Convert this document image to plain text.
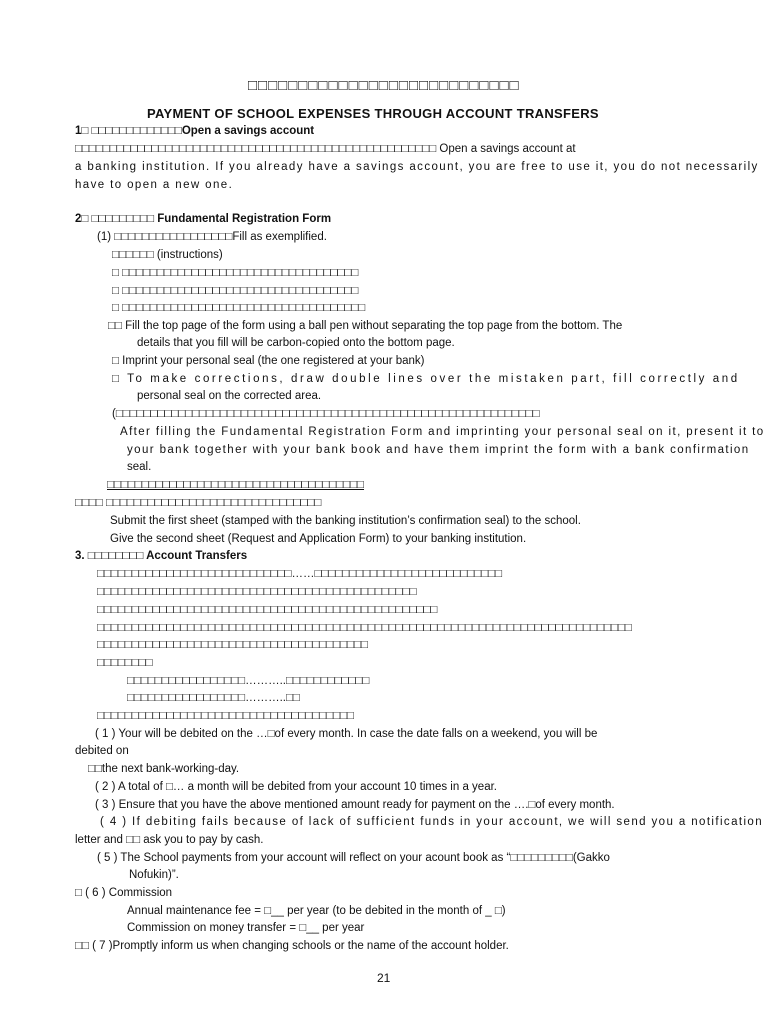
□□□□□□□□□□□□□□□□□□□□□□□□□□□
PAYMENT OF SCHOOL EXPENSES THROUGH ACCOUNT TRANSFERS
1□ □□□□□□□□□□□□□Open a savings account
□□□□□□□□□□□□□□□□□□□□□□□□□□□□□□□□□□□□□□□□□□□□□□□□□□□□ Open a savings account at
a banking institution. If you already have a savings account, you are free to use it, you do not necessarily
have to open a new one.
2□ □□□□□□□□□ Fundamental Registration Form
(1) □□□□□□□□□□□□□□□□□Fill as exemplified.
□□□□□□ (instructions)
□ □□□□□□□□□□□□□□□□□□□□□□□□□□□□□□□□□□
□ □□□□□□□□□□□□□□□□□□□□□□□□□□□□□□□□□□
□ □□□□□□□□□□□□□□□□□□□□□□□□□□□□□□□□□□□
□□ Fill the top page of the form using a ball pen without separating the top page from the bottom. The
details that you fill will be carbon-copied onto the bottom page.
□ Imprint your personal seal (the one registered at your bank)
□ To make corrections, draw double lines over the mistaken part, fill correctly and
personal seal on the corrected area.
(□□□□□□□□□□□□□□□□□□□□□□□□□□□□□□□□□□□□□□□□□□□□□□□□□□□□□□□□□□□□□
After filling the Fundamental Registration Form and imprinting your personal seal on it, present it to
your bank together with your bank book and have them imprint the form with a bank confirmation
seal.
□□□□□□□□□□□□□□□□□□□□□□□□□□□□□□□□□□□□□
□□□□ □□□□□□□□□□□□□□□□□□□□□□□□□□□□□□□
Submit the first sheet (stamped with the banking institution’s confirmation seal) to the school.
Give the second sheet (Request and Application Form) to your banking institution.
3. □□□□□□□□ Account Transfers
□□□□□□□□□□□□□□□□□□□□□□□□□□□□……□□□□□□□□□□□□□□□□□□□□□□□□□□□
□□□□□□□□□□□□□□□□□□□□□□□□□□□□□□□□□□□□□□□□□□□□□□
□□□□□□□□□□□□□□□□□□□□□□□□□□□□□□□□□□□□□□□□□□□□□□□□□
□□□□□□□□□□□□□□□□□□□□□□□□□□□□□□□□□□□□□□□□□□□□□□□□□□□□□□□□□□□□□□□□□□□□□□□□□□□□□
□□□□□□□□□□□□□□□□□□□□□□□□□□□□□□□□□□□□□□□
□□□□□□□□
□□□□□□□□□□□□□□□□□………..□□□□□□□□□□□□
□□□□□□□□□□□□□□□□□………..□□
□□□□□□□□□□□□□□□□□□□□□□□□□□□□□□□□□□□□□
( 1 ) Your will be debited on the …□of every month. In case the date falls on a weekend, you will be
debited on
□□the next bank-working-day.
( 2 ) A total of □… a month will be debited from your account 10 times in a year.
( 3 ) Ensure that you have the above mentioned amount ready for payment on the ….□of every month.
( 4 ) If debiting fails because of lack of sufficient funds in your account, we will send you a notification
letter and □□ ask you to pay by cash.
( 5 ) The School payments from your account will reflect on your acount book as “□□□□□□□□□(Gakko
Nofukin)”.
□ ( 6 ) Commission
Annual maintenance fee = □__ per year (to be debited in the month of _ □)
Commission on money transfer = □__ per year
□□ ( 7 )Promptly inform us when changing schools or the name of the account holder.
21
